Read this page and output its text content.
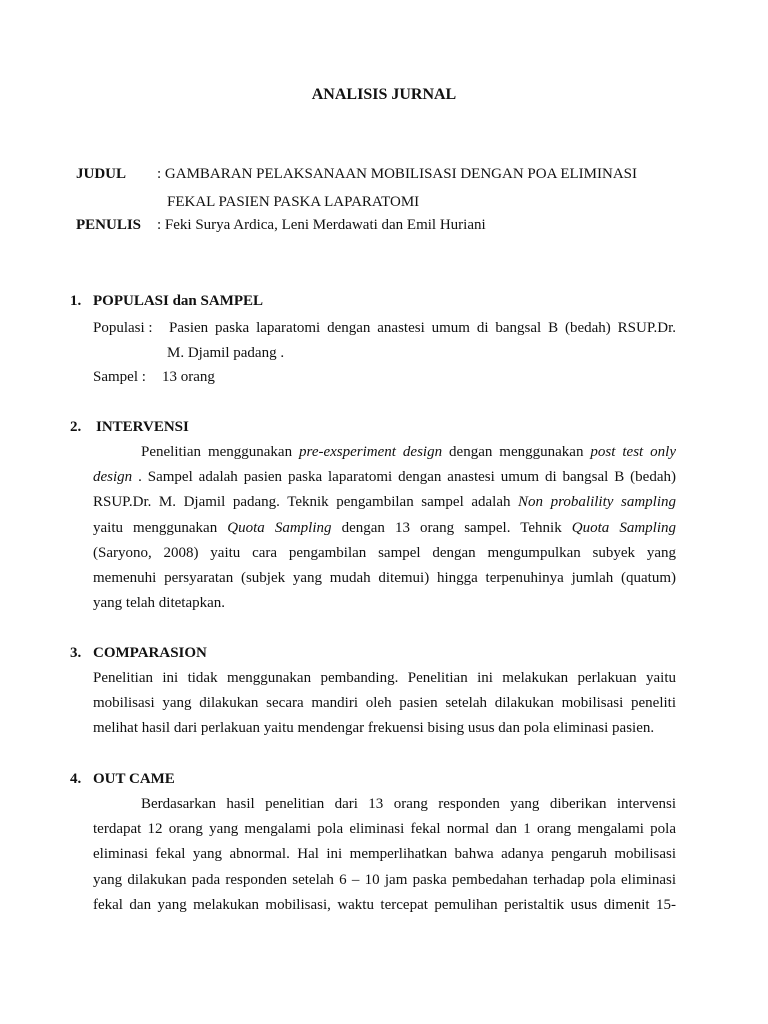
ANALISIS JURNAL
JUDUL : GAMBARAN PELAKSANAAN MOBILISASI DENGAN POA ELIMINASI
FEKAL PASIEN PASKA LAPARATOMI
PENULIS : Feki Surya Ardica, Leni Merdawati dan Emil Huriani
1. POPULASI dan SAMPEL
Populasi : Pasien paska laparatomi dengan anastesi umum di bangsal B (bedah) RSUP.Dr.
M. Djamil padang .
Sampel : 13 orang
2. INTERVENSI
Penelitian menggunakan pre-exsperiment design dengan menggunakan post test only
design . Sampel adalah pasien paska laparatomi dengan anastesi umum di bangsal B (bedah)
RSUP.Dr. M. Djamil padang. Teknik pengambilan sampel adalah Non probalility sampling
yaitu menggunakan Quota Sampling dengan 13 orang sampel. Tehnik Quota Sampling
(Saryono, 2008) yaitu cara pengambilan sampel dengan mengumpulkan subyek yang
memenuhi persyaratan (subjek yang mudah ditemui) hingga terpenuhinya jumlah (quatum)
yang telah ditetapkan.
3. COMPARASION
Penelitian ini tidak menggunakan pembanding. Penelitian ini melakukan perlakuan yaitu
mobilisasi yang dilakukan secara mandiri oleh pasien setelah dilakukan mobilisasi peneliti
melihat hasil dari perlakuan yaitu mendengar frekuensi bising usus dan pola eliminasi pasien.
4. OUT CAME
Berdasarkan hasil penelitian dari 13 orang responden yang diberikan intervensi
terdapat 12 orang yang mengalami pola eliminasi fekal normal dan 1 orang mengalami pola
eliminasi fekal yang abnormal. Hal ini memperlihatkan bahwa adanya pengaruh mobilisasi
yang dilakukan pada responden setelah 6 – 10 jam paska pembedahan terhadap pola eliminasi
fekal dan yang melakukan mobilisasi, waktu tercepat pemulihan peristaltik usus dimenit 15-
